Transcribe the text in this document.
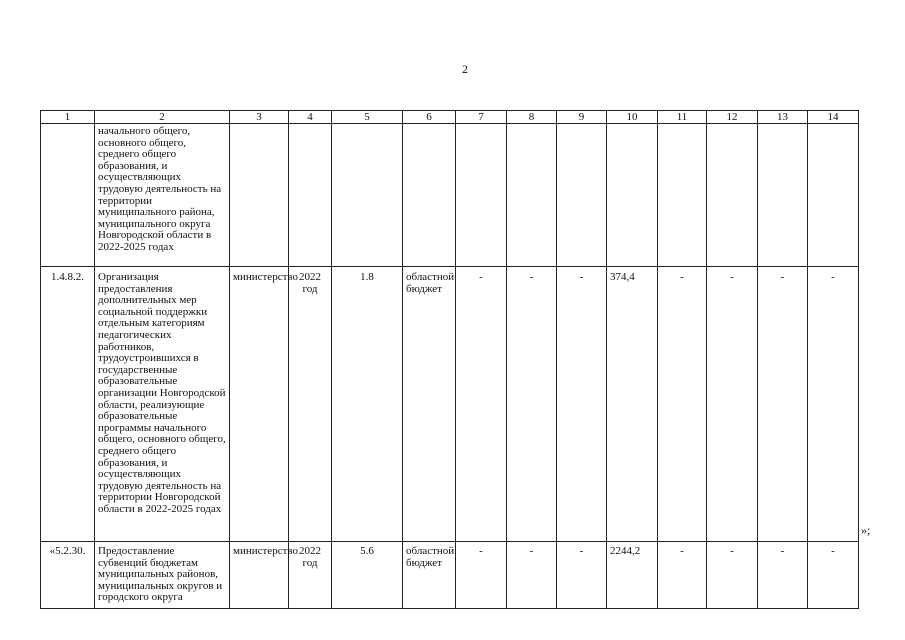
2
1	2	3	4	5	6	7	8	9	10	11	12	13	14
	начального общего, основного общего, среднего общего образования, и осуществляющих трудовую деятельность на территории муниципального района, муниципального округа Новгородской области в 2022-2025 годах												
1.4.8.2.	Организация предоставления дополнительных мер социальной поддержки отдельным категориям педагогических работников, трудоустроившихся в государственные образовательные организации Новгородской области, реализующие образовательные программы начального общего, основного общего, среднего общего образования, и осуществляющих трудовую деятельность на территории Новгородской области в 2022-2025 годах	министерство	2022 год	1.8	областной бюджет	-	-	-	374,4	-	-	-	-
«5.2.30.	Предоставление субвенций бюджетам муниципальных районов, муниципальных округов и городского округа	министерство	2022 год	5.6	областной бюджет	-	-	-	2244,2	-	-	-	-
»;
